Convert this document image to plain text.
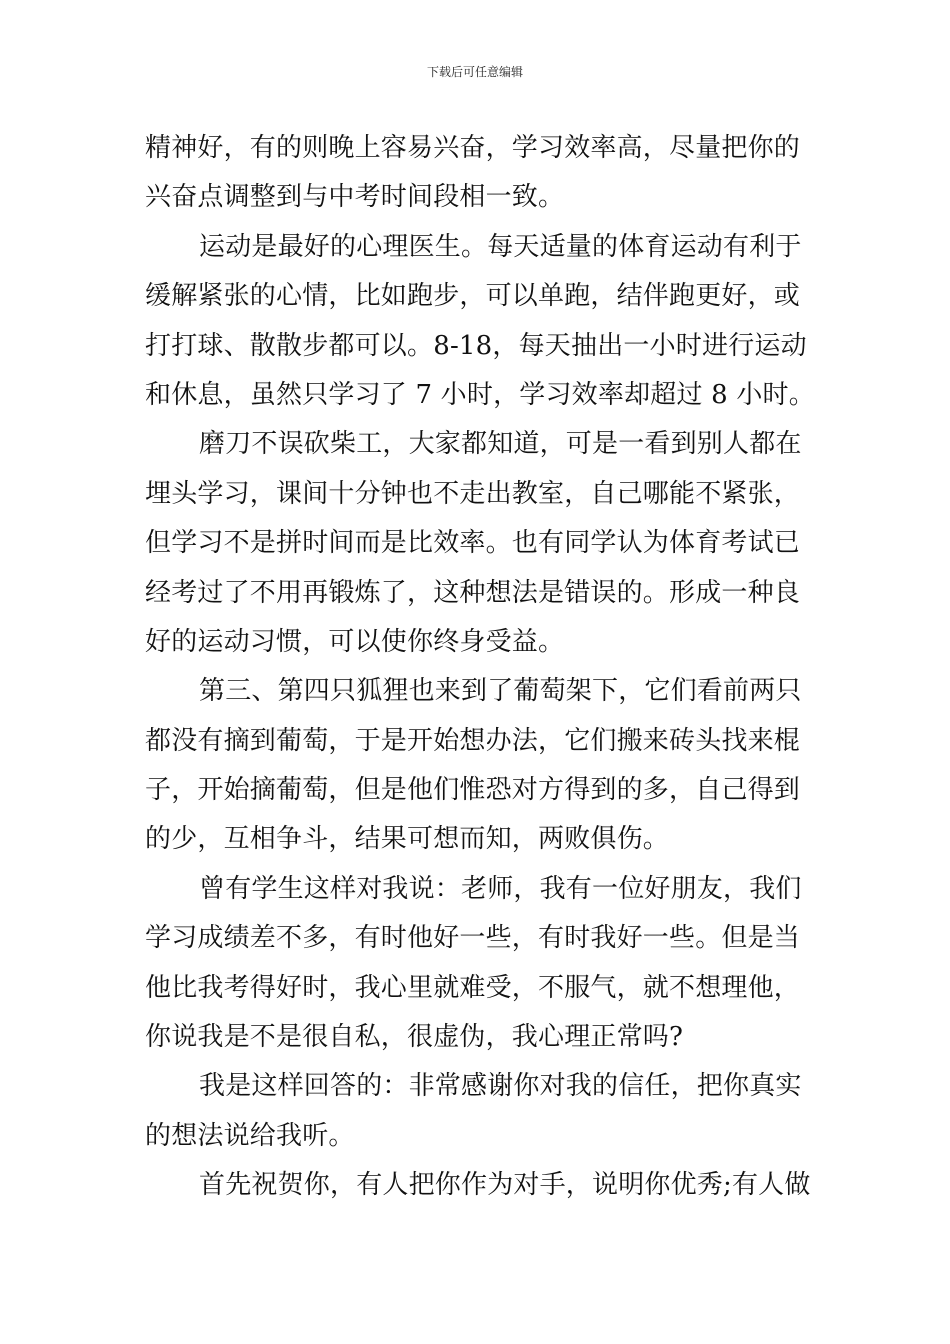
下载后可任意编辑
精神好，有的则晚上容易兴奋，学习效率高，尽量把你的
兴奋点调整到与中考时间段相一致。
运动是最好的心理医生。每天适量的体育运动有利于
缓解紧张的心情，比如跑步，可以单跑，结伴跑更好，或
打打球、散散步都可以。8-18，每天抽出一小时进行运动
和休息，虽然只学习了 7 小时，学习效率却超过 8 小时。
磨刀不误砍柴工，大家都知道，可是一看到别人都在
埋头学习，课间十分钟也不走出教室，自己哪能不紧张，
但学习不是拼时间而是比效率。也有同学认为体育考试已
经考过了不用再锻炼了，这种想法是错误的。形成一种良
好的运动习惯，可以使你终身受益。
第三、第四只狐狸也来到了葡萄架下，它们看前两只
都没有摘到葡萄，于是开始想办法，它们搬来砖头找来棍
子，开始摘葡萄，但是他们惟恐对方得到的多，自己得到
的少，互相争斗，结果可想而知，两败俱伤。
曾有学生这样对我说：老师，我有一位好朋友，我们
学习成绩差不多，有时他好一些，有时我好一些。但是当
他比我考得好时，我心里就难受，不服气，就不想理他，
你说我是不是很自私，很虚伪，我心理正常吗?
我是这样回答的：非常感谢你对我的信任，把你真实
的想法说给我听。
首先祝贺你，有人把你作为对手，说明你优秀;有人做
